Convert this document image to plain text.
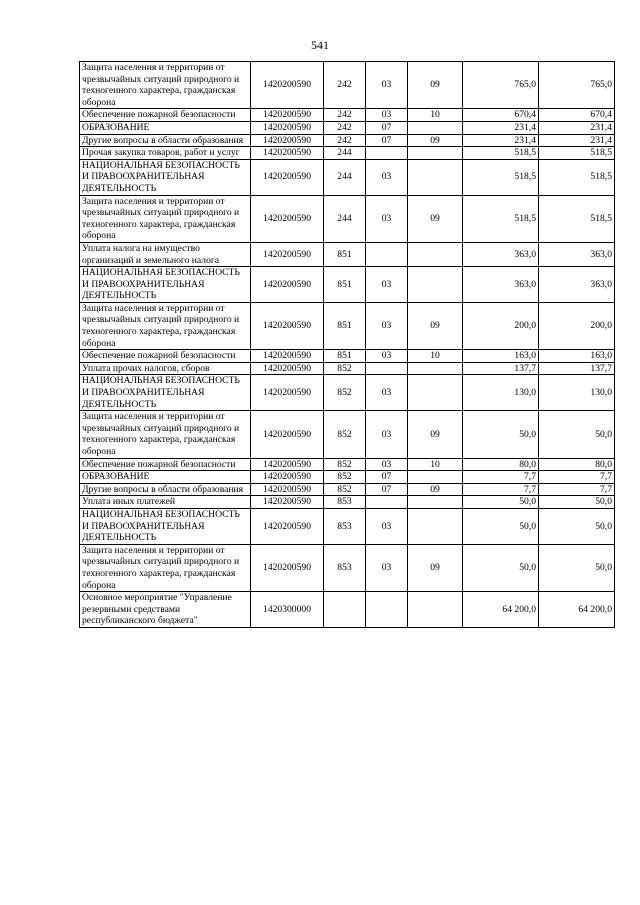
541
Защита населения и территории от чрезвычайных ситуаций природного и техногенного характера, гражданская оборона	1420200590	242	03	09	765,0	765,0
Обеспечение пожарной безопасности	1420200590	242	03	10	670,4	670,4
ОБРАЗОВАНИЕ	1420200590	242	07		231,4	231,4
Другие вопросы в области образования	1420200590	242	07	09	231,4	231,4
Прочая закупка товаров, работ и услуг	1420200590	244			518,5	518,5
НАЦИОНАЛЬНАЯ БЕЗОПАСНОСТЬ И ПРАВООХРАНИТЕЛЬНАЯ ДЕЯТЕЛЬНОСТЬ	1420200590	244	03		518,5	518,5
Защита населения и территории от чрезвычайных ситуаций природного и техногенного характера, гражданская оборона	1420200590	244	03	09	518,5	518,5
Уплата налога на имущество организаций и земельного налога	1420200590	851			363,0	363,0
НАЦИОНАЛЬНАЯ БЕЗОПАСНОСТЬ И ПРАВООХРАНИТЕЛЬНАЯ ДЕЯТЕЛЬНОСТЬ	1420200590	851	03		363,0	363,0
Защита населения и территории от чрезвычайных ситуаций природного и техногенного характера, гражданская оборона	1420200590	851	03	09	200,0	200,0
Обеспечение пожарной безопасности	1420200590	851	03	10	163,0	163,0
Уплата прочих налогов, сборов	1420200590	852			137,7	137,7
НАЦИОНАЛЬНАЯ БЕЗОПАСНОСТЬ И ПРАВООХРАНИТЕЛЬНАЯ ДЕЯТЕЛЬНОСТЬ	1420200590	852	03		130,0	130,0
Защита населения и территории от чрезвычайных ситуаций природного и техногенного характера, гражданская оборона	1420200590	852	03	09	50,0	50,0
Обеспечение пожарной безопасности	1420200590	852	03	10	80,0	80,0
ОБРАЗОВАНИЕ	1420200590	852	07		7,7	7,7
Другие вопросы в области образования	1420200590	852	07	09	7,7	7,7
Уплата иных платежей	1420200590	853			50,0	50,0
НАЦИОНАЛЬНАЯ БЕЗОПАСНОСТЬ И ПРАВООХРАНИТЕЛЬНАЯ ДЕЯТЕЛЬНОСТЬ	1420200590	853	03		50,0	50,0
Защита населения и территории от чрезвычайных ситуаций природного и техногенного характера, гражданская оборона	1420200590	853	03	09	50,0	50,0
Основное мероприятие "Управление резервными средствами республиканского бюджета"	1420300000				64 200,0	64 200,0
